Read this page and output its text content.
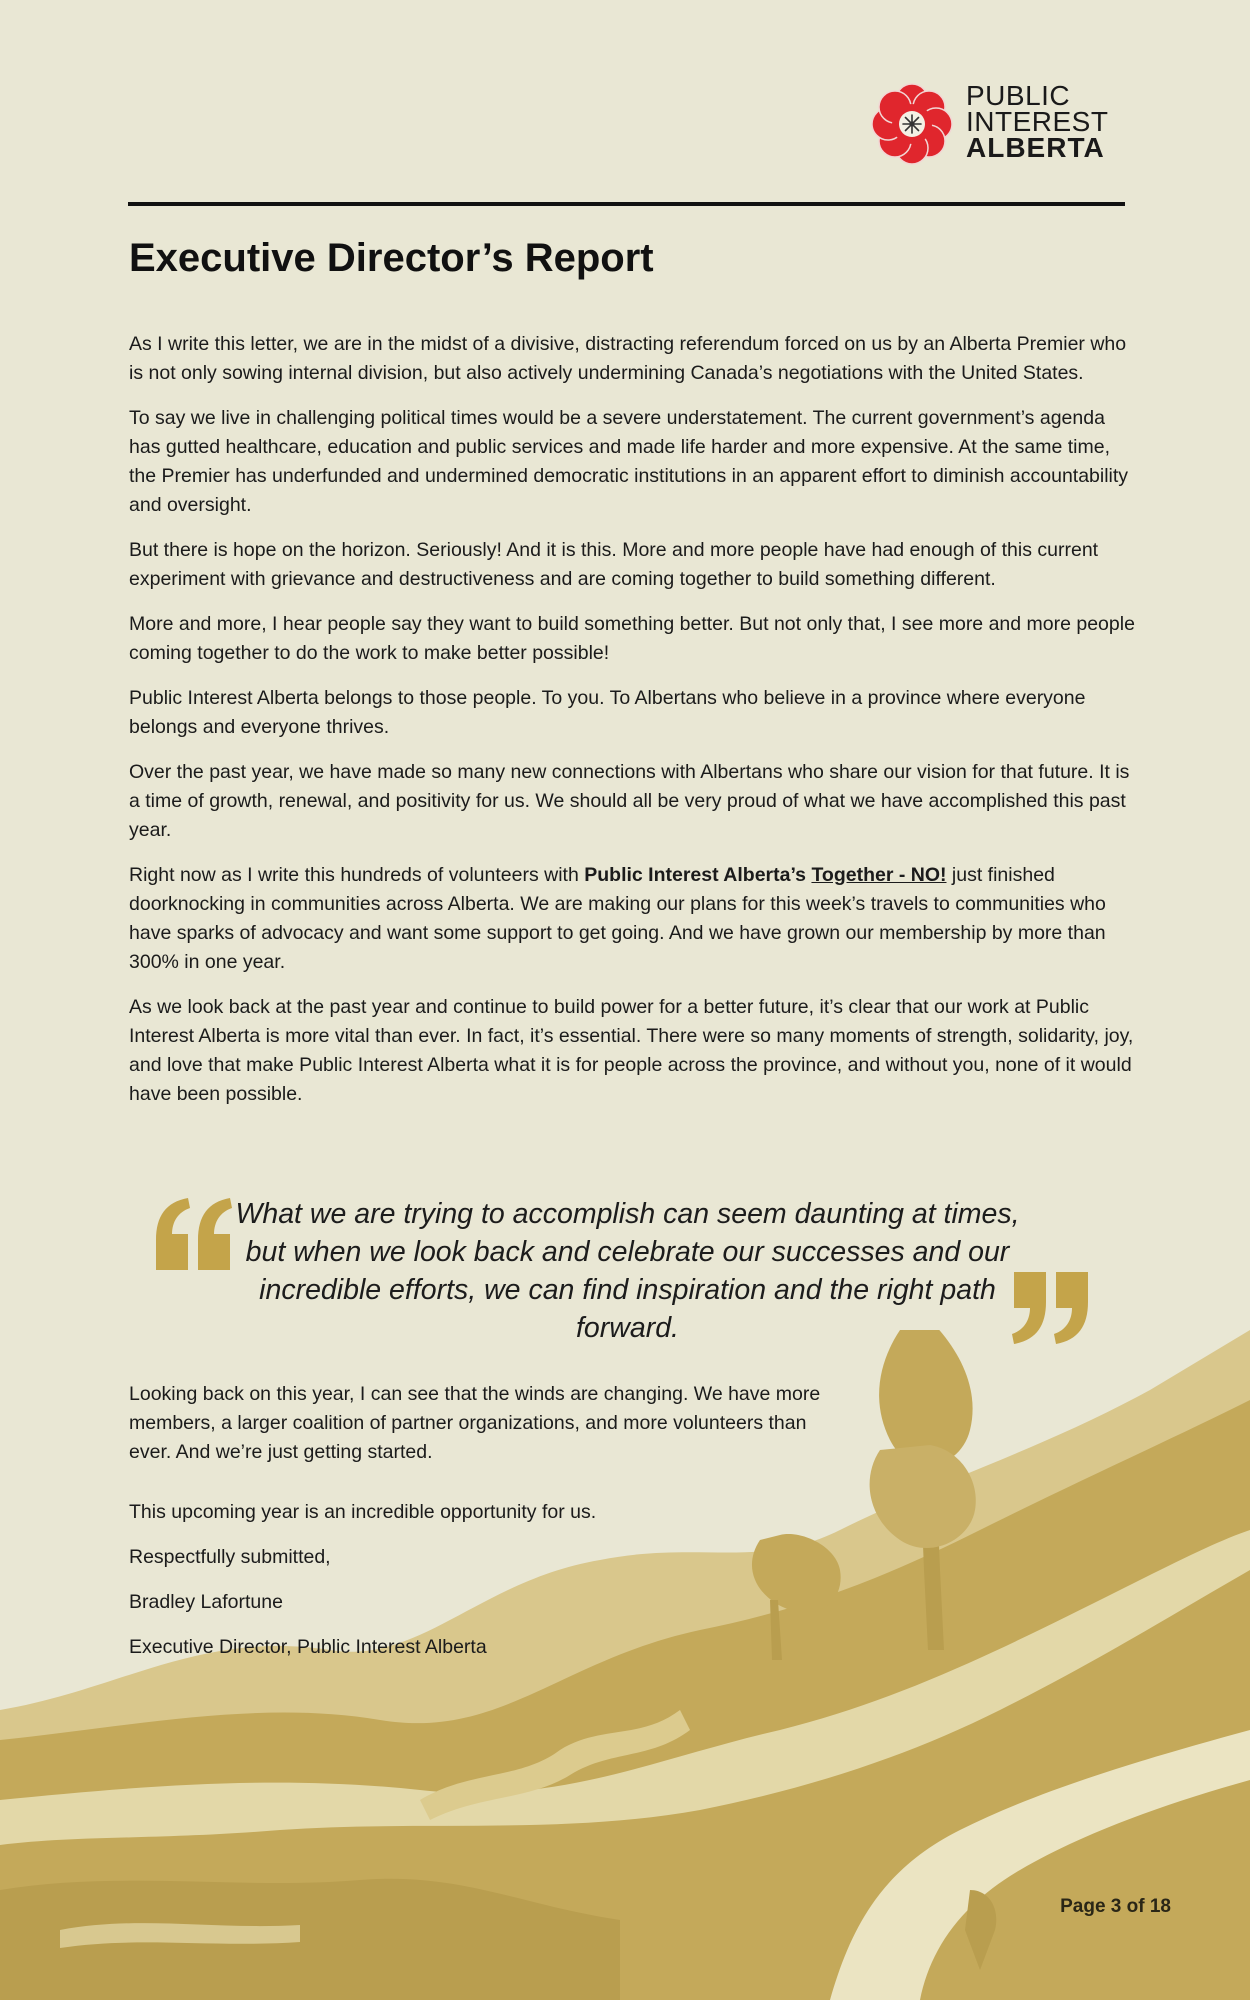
PUBLIC
INTEREST
ALBERTA
Executive Director’s Report

As I write this letter, we are in the midst of a divisive, distracting referendum forced on us by an Alberta Premier who is not only sowing internal division, but also actively undermining Canada’s negotiations with the United States.

To say we live in challenging political times would be a severe understatement. The current government’s agenda has gutted healthcare, education and public services and made life harder and more expensive. At the same time, the Premier has underfunded and undermined democratic institutions in an apparent effort to diminish accountability and oversight.

But there is hope on the horizon. Seriously! And it is this. More and more people have had enough of this current experiment with grievance and destructiveness and are coming together to build something different.

More and more, I hear people say they want to build something better. But not only that, I see more and more people coming together to do the work to make better possible!

Public Interest Alberta belongs to those people. To you. To Albertans who believe in a province where everyone belongs and everyone thrives.

Over the past year, we have made so many new connections with Albertans who share our vision for that future. It is a time of growth, renewal, and positivity for us. We should all be very proud of what we have accomplished this past year.

Right now as I write this hundreds of volunteers with Public Interest Alberta’s Together - NO! just finished doorknocking in communities across Alberta. We are making our plans for this week’s travels to communities who have sparks of advocacy and want some support to get going. And we have grown our membership by more than 300% in one year.

As we look back at the past year and continue to build power for a better future, it’s clear that our work at Public Interest Alberta is more vital than ever. In fact, it’s essential. There were so many moments of strength, solidarity, joy, and love that make Public Interest Alberta what it is for people across the province, and without you, none of it would have been possible.

What we are trying to accomplish can seem daunting at times, but when we look back and celebrate our successes and our incredible efforts, we can find inspiration and the right path forward.

Looking back on this year, I can see that the winds are changing. We have more members, a larger coalition of partner organizations, and more volunteers than ever. And we’re just getting started.

This upcoming year is an incredible opportunity for us.

Respectfully submitted,

Bradley Lafortune

Executive Director, Public Interest Alberta

Page 3 of 18
